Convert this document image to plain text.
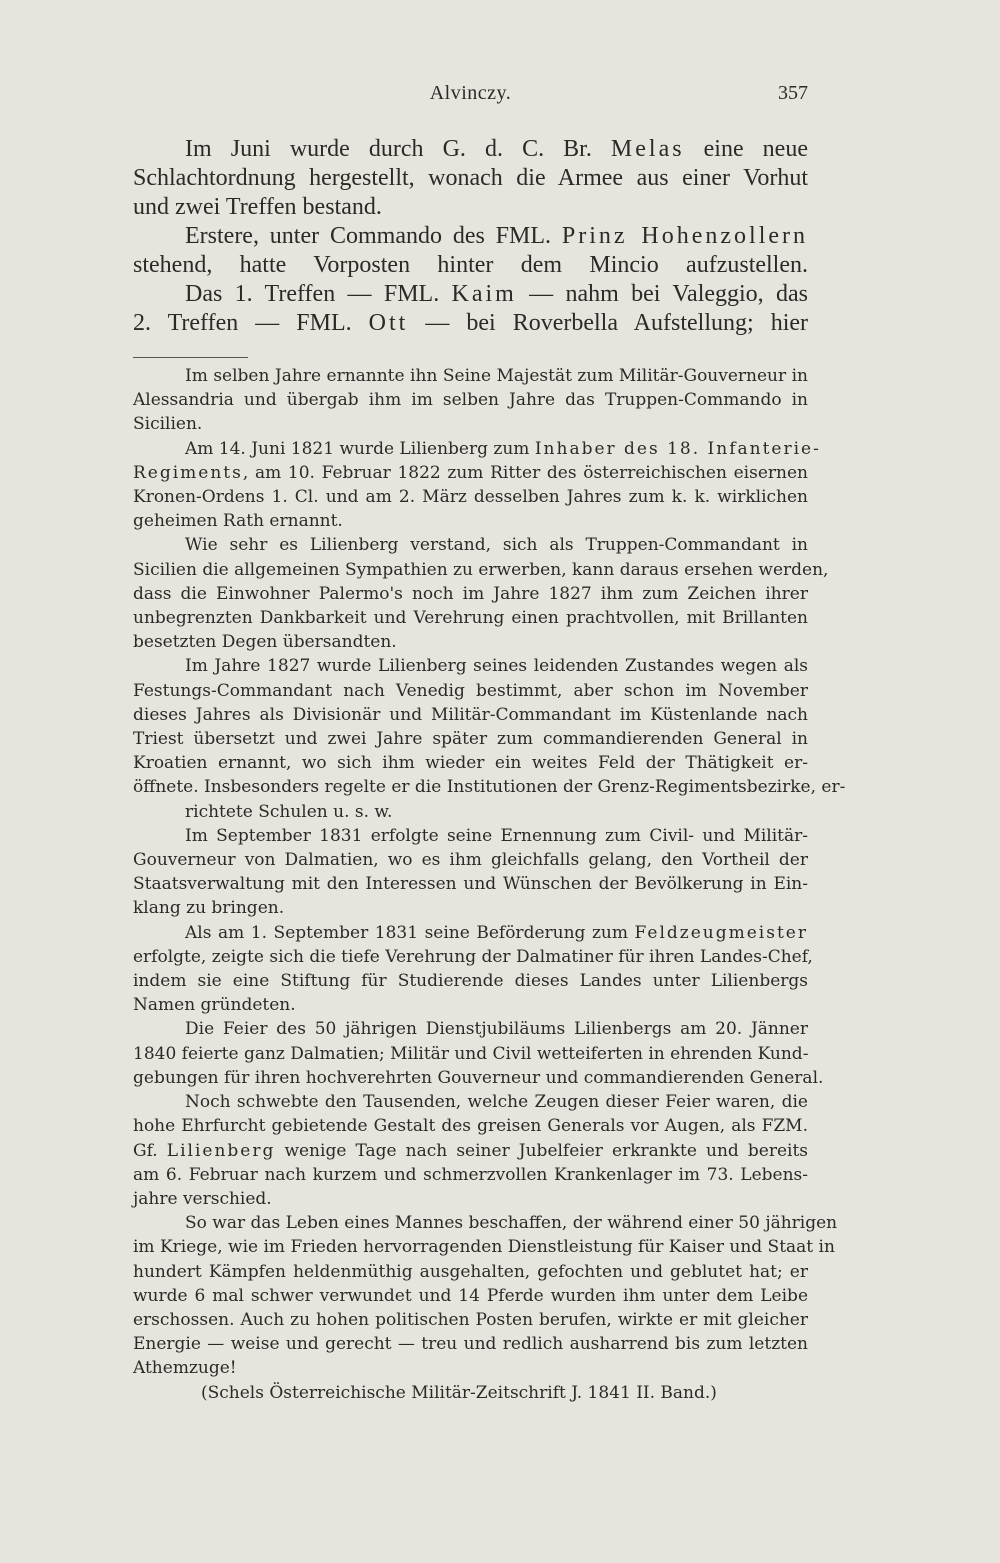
Alvinczy.	357
Im Juni wurde durch G. d. C. Br. Melas eine neue
Schlachtordnung hergestellt, wonach die Armee aus einer Vorhut
und zwei Treffen bestand.
Erstere, unter Commando des FML. Prinz Hohenzollern
stehend, hatte Vorposten hinter dem Mincio aufzustellen.
Das 1. Treffen — FML. Kaim — nahm bei Valeggio, das
2. Treffen — FML. Ott — bei Roverbella Aufstellung; hier
Im selben Jahre ernannte ihn Seine Majestät zum Militär-Gouverneur in
Alessandria und übergab ihm im selben Jahre das Truppen-Commando in
Sicilien.
Am 14. Juni 1821 wurde Lilienberg zum Inhaber des 18. Infanterie-
Regiments, am 10. Februar 1822 zum Ritter des österreichischen eisernen
Kronen-Ordens 1. Cl. und am 2. März desselben Jahres zum k. k. wirklichen
geheimen Rath ernannt.
Wie sehr es Lilienberg verstand, sich als Truppen-Commandant in
Sicilien die allgemeinen Sympathien zu erwerben, kann daraus ersehen werden,
dass die Einwohner Palermo's noch im Jahre 1827 ihm zum Zeichen ihrer
unbegrenzten Dankbarkeit und Verehrung einen prachtvollen, mit Brillanten
besetzten Degen übersandten.
Im Jahre 1827 wurde Lilienberg seines leidenden Zustandes wegen als
Festungs-Commandant nach Venedig bestimmt, aber schon im November
dieses Jahres als Divisionär und Militär-Commandant im Küstenlande nach
Triest übersetzt und zwei Jahre später zum commandierenden General in
Kroatien ernannt, wo sich ihm wieder ein weites Feld der Thätigkeit er-
öffnete. Insbesonders regelte er die Institutionen der Grenz-Regimentsbezirke, er-
richtete Schulen u. s. w.
Im September 1831 erfolgte seine Ernennung zum Civil- und Militär-
Gouverneur von Dalmatien, wo es ihm gleichfalls gelang, den Vortheil der
Staatsverwaltung mit den Interessen und Wünschen der Bevölkerung in Ein-
klang zu bringen.
Als am 1. September 1831 seine Beförderung zum Feldzeugmeister
erfolgte, zeigte sich die tiefe Verehrung der Dalmatiner für ihren Landes-Chef,
indem sie eine Stiftung für Studierende dieses Landes unter Lilienbergs
Namen gründeten.
Die Feier des 50 jährigen Dienstjubiläums Lilienbergs am 20. Jänner
1840 feierte ganz Dalmatien; Militär und Civil wetteiferten in ehrenden Kund-
gebungen für ihren hochverehrten Gouverneur und commandierenden General.
Noch schwebte den Tausenden, welche Zeugen dieser Feier waren, die
hohe Ehrfurcht gebietende Gestalt des greisen Generals vor Augen, als FZM.
Gf. Lilienberg wenige Tage nach seiner Jubelfeier erkrankte und bereits
am 6. Februar nach kurzem und schmerzvollen Krankenlager im 73. Lebens-
jahre verschied.
So war das Leben eines Mannes beschaffen, der während einer 50 jährigen
im Kriege, wie im Frieden hervorragenden Dienstleistung für Kaiser und Staat in
hundert Kämpfen heldenmüthig ausgehalten, gefochten und geblutet hat; er
wurde 6 mal schwer verwundet und 14 Pferde wurden ihm unter dem Leibe
erschossen. Auch zu hohen politischen Posten berufen, wirkte er mit gleicher
Energie — weise und gerecht — treu und redlich ausharrend bis zum letzten
Athemzuge!
(Schels Österreichische Militär-Zeitschrift J. 1841 II. Band.)
